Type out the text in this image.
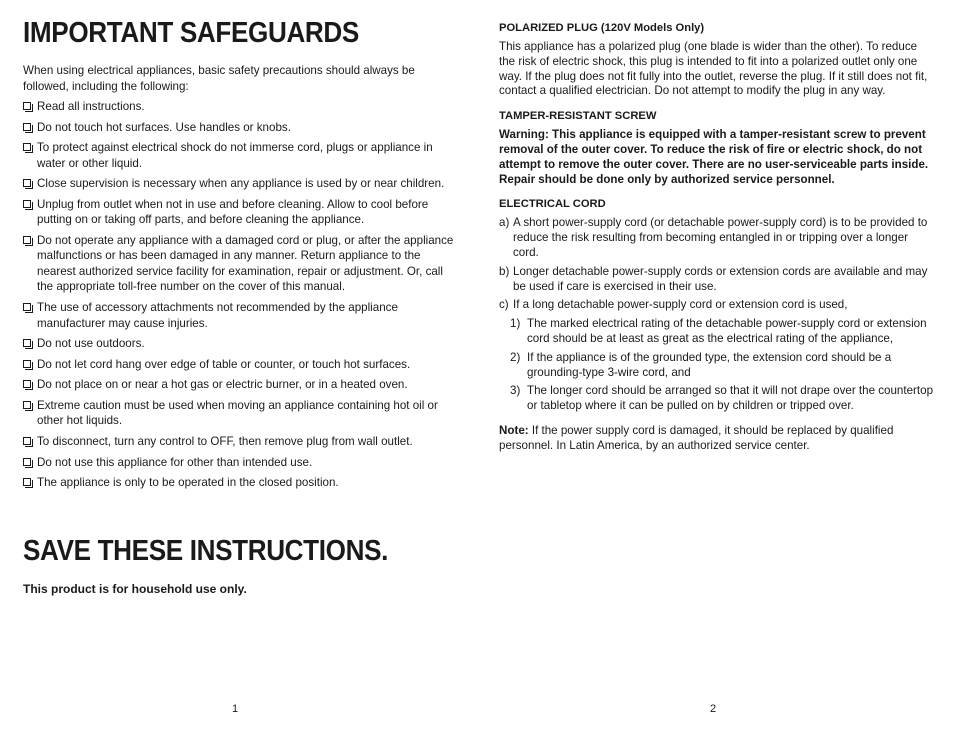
IMPORTANT SAFEGUARDS
When using electrical appliances, basic safety precautions should always be followed, including the following:
Read all instructions.
Do not touch hot surfaces. Use handles or knobs.
To protect against electrical shock do not immerse cord, plugs or appliance in water or other liquid.
Close supervision is necessary when any appliance is used by or near children.
Unplug from outlet when not in use and before cleaning. Allow to cool before putting on or taking off parts, and before cleaning the appliance.
Do not operate any appliance with a damaged cord or plug, or after the appliance malfunctions or has been damaged in any manner. Return appliance to the nearest authorized service facility for examination, repair or adjustment. Or, call the appropriate toll-free number on the cover of this manual.
The use of accessory attachments not recommended by the appliance manufacturer may cause injuries.
Do not use outdoors.
Do not let cord hang over edge of table or counter, or touch hot surfaces.
Do not place on or near a hot gas or electric burner, or in a heated oven.
Extreme caution must be used when moving an appliance containing hot oil or other hot liquids.
To disconnect, turn any control to OFF, then remove plug from wall outlet.
Do not use this appliance for other than intended use.
The appliance is only to be operated in the closed position.
SAVE THESE INSTRUCTIONS.
This product is for household use only.
1

POLARIZED PLUG (120V Models Only)

This appliance has a polarized plug (one blade is wider than the other). To reduce the risk of electric shock, this plug is intended to fit into a polarized outlet only one way. If the plug does not fit fully into the outlet, reverse the plug. If it still does not fit, contact a qualified electrician. Do not attempt to modify the plug in any way.

TAMPER-RESISTANT SCREW

Warning: This appliance is equipped with a tamper-resistant screw to prevent removal of the outer cover. To reduce the risk of fire or electric shock, do not attempt to remove the outer cover. There are no user-serviceable parts inside. Repair should be done only by authorized service personnel.

ELECTRICAL CORD

a) A short power-supply cord (or detachable power-supply cord) is to be provided to reduce the risk resulting from becoming entangled in or tripping over a longer cord.
b) Longer detachable power-supply cords or extension cords are available and may be used if care is exercised in their use.
c) If a long detachable power-supply cord or extension cord is used,
1) The marked electrical rating of the detachable power-supply cord or extension cord should be at least as great as the electrical rating of the appliance,
2) If the appliance is of the grounded type, the extension cord should be a grounding-type 3-wire cord, and
3) The longer cord should be arranged so that it will not drape over the countertop or tabletop where it can be pulled on by children or tripped over.

Note: If the power supply cord is damaged, it should be replaced by qualified personnel. In Latin America, by an authorized service center.

2
